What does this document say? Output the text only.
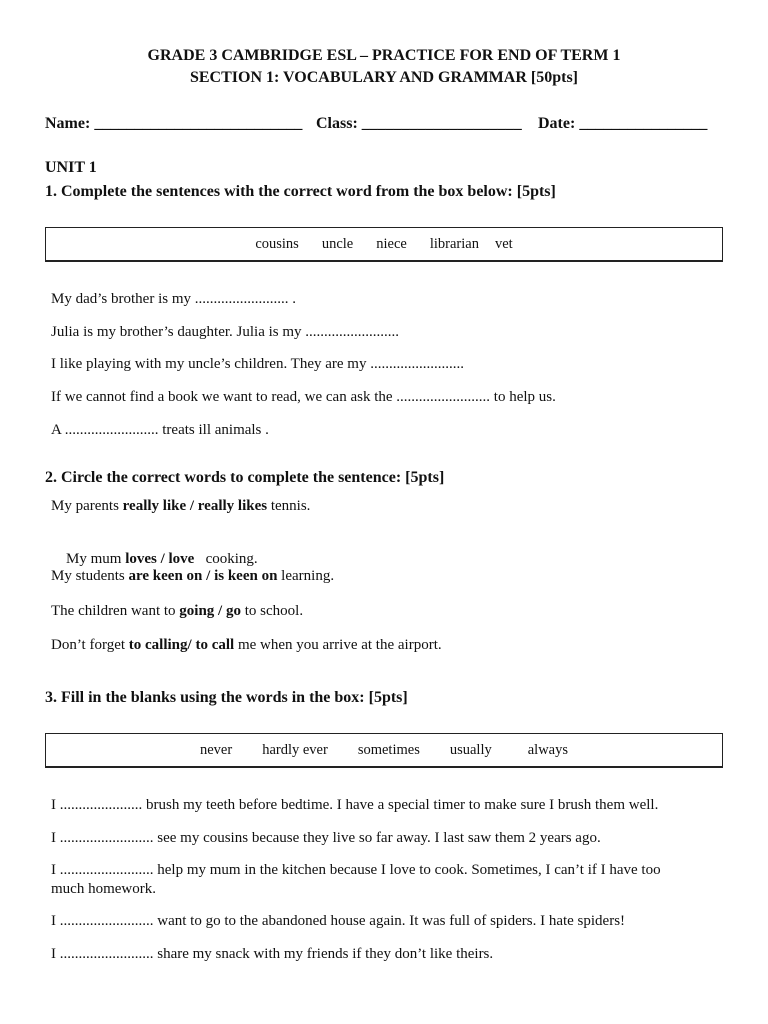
GRADE 3 CAMBRIDGE ESL – PRACTICE FOR END OF TERM 1
SECTION 1: VOCABULARY AND GRAMMAR [50pts]
Name: __________________________ Class: ____________________ Date: ________________
UNIT 1
1. Complete the sentences with the correct word from the box below: [5pts]
cousins uncle niece librarian vet
My dad’s brother is my ......................... .
Julia is my brother’s daughter. Julia is my .........................
I like playing with my uncle’s children. They are my .........................
If we cannot find a book we want to read, we can ask the ......................... to help us.
A ......................... treats ill animals .
2. Circle the correct words to complete the sentence: [5pts]
My parents really like / really likes tennis.

My mum loves / love   cooking.

My students are keen on / is keen on learning.
The children want to going / go to school.
Don’t forget to calling/ to call me when you arrive at the airport.
3. Fill in the blanks using the words in the box: [5pts]
never hardly ever sometimes usually always
I ...................... brush my teeth before bedtime. I have a special timer to make sure I brush them well.
I ......................... see my cousins because they live so far away. I last saw them 2 years ago.
I ......................... help my mum in the kitchen because I love to cook. Sometimes, I can’t if I have too
much homework.
I ......................... want to go to the abandoned house again. It was full of spiders. I hate spiders!
I ......................... share my snack with my friends if they don’t like theirs.
